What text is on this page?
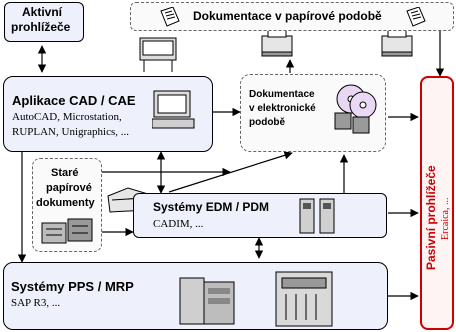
Aktivní
prohlížeče
Dokumentace v papírové podobě
Aplikace CAD / CAE
AutoCAD, Microstation,
RUPLAN, Unigraphics, ...
Dokumentace
v elektronické
podobě
Staré
papírové
dokumenty	Systémy EDM / PDM
CADIM, ...
Systémy PPS / MRP
SAP R3, ...
Pasivní prohlížeče Ercaica, ...
